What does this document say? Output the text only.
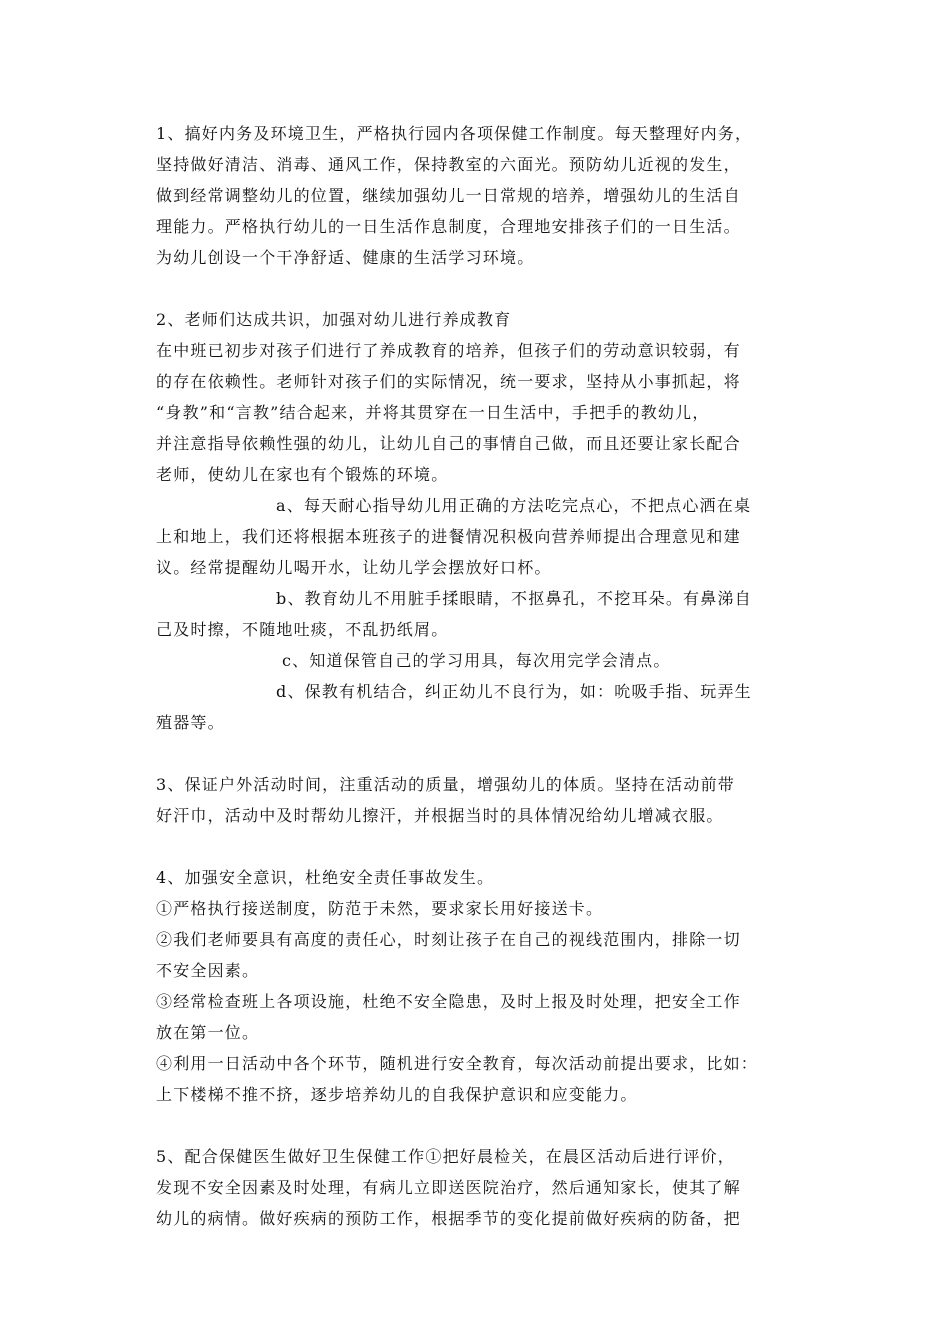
1、搞好内务及环境卫生，严格执行园内各项保健工作制度。每天整理好内务，
坚持做好清洁、消毒、通风工作，保持教室的六面光。预防幼儿近视的发生，
做到经常调整幼儿的位置，继续加强幼儿一日常规的培养，增强幼儿的生活自
理能力。严格执行幼儿的一日生活作息制度，合理地安排孩子们的一日生活。
为幼儿创设一个干净舒适、健康的生活学习环境。
2、老师们达成共识，加强对幼儿进行养成教育
在中班已初步对孩子们进行了养成教育的培养，但孩子们的劳动意识较弱，有
的存在依赖性。老师针对孩子们的实际情况，统一要求，坚持从小事抓起，将
“身教”和“言教”结合起来，并将其贯穿在一日生活中，手把手的教幼儿，
并注意指导依赖性强的幼儿，让幼儿自己的事情自己做，而且还要让家长配合
老师，使幼儿在家也有个锻炼的环境。
a、每天耐心指导幼儿用正确的方法吃完点心，不把点心洒在桌
上和地上，我们还将根据本班孩子的进餐情况积极向营养师提出合理意见和建
议。经常提醒幼儿喝开水，让幼儿学会摆放好口杯。
b、教育幼儿不用脏手揉眼睛，不抠鼻孔，不挖耳朵。有鼻涕自
己及时擦，不随地吐痰，不乱扔纸屑。
c、知道保管自己的学习用具，每次用完学会清点。
d、保教有机结合，纠正幼儿不良行为，如：吮吸手指、玩弄生
殖器等。
3、保证户外活动时间，注重活动的质量，增强幼儿的体质。坚持在活动前带
好汗巾，活动中及时帮幼儿擦汗，并根据当时的具体情况给幼儿增减衣服。
4、加强安全意识，杜绝安全责任事故发生。
①严格执行接送制度，防范于未然，要求家长用好接送卡。
②我们老师要具有高度的责任心，时刻让孩子在自己的视线范围内，排除一切
不安全因素。
③经常检查班上各项设施，杜绝不安全隐患，及时上报及时处理，把安全工作
放在第一位。
④利用一日活动中各个环节，随机进行安全教育，每次活动前提出要求，比如：
上下楼梯不推不挤，逐步培养幼儿的自我保护意识和应变能力。
5、配合保健医生做好卫生保健工作①把好晨检关，在晨区活动后进行评价，
发现不安全因素及时处理，有病儿立即送医院治疗，然后通知家长，使其了解
幼儿的病情。做好疾病的预防工作，根据季节的变化提前做好疾病的防备，把
